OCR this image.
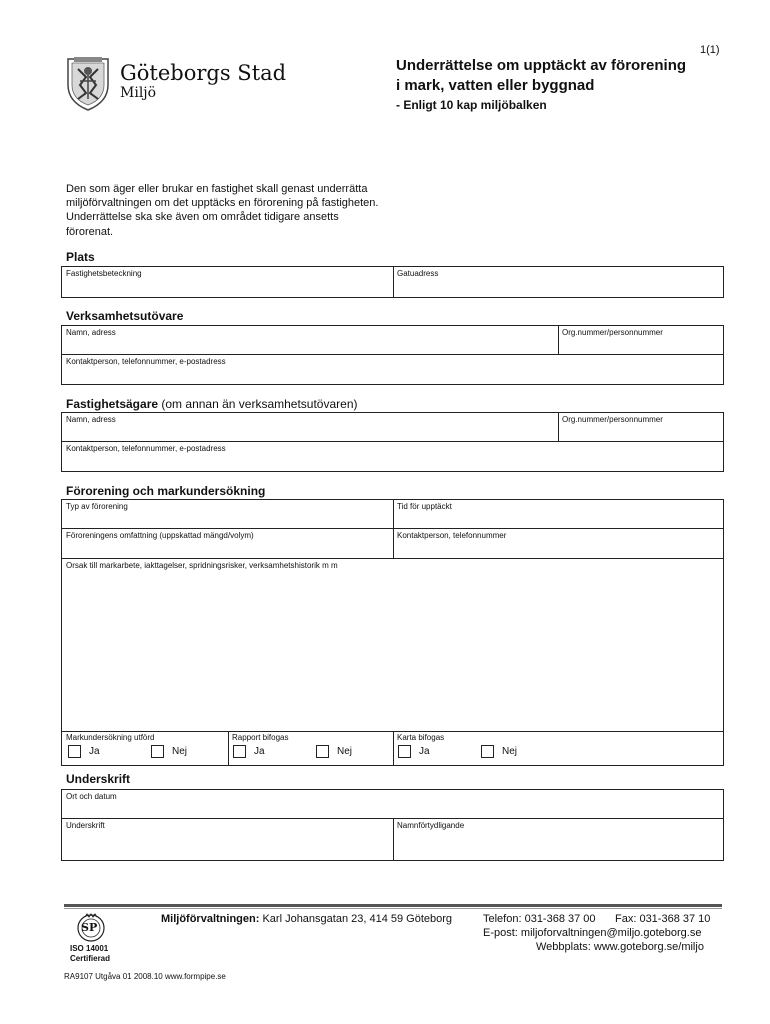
1(1)
Göteborgs Stad
Miljö
Underrättelse om upptäckt av förorening
i mark, vatten eller byggnad
- Enligt 10 kap miljöbalken
Den som äger eller brukar en fastighet skall genast underrätta miljöförvaltningen om det upptäcks en förorening på fastigheten. Underrättelse ska ske även om området tidigare ansetts förorenat.
Plats
Fastighetsbeteckning	Gatuadress
Verksamhetsutövare
Namn, adress	Org.nummer/personnummer
Kontaktperson, telefonnummer, e-postadress
Fastighetsägare (om annan än verksamhetsutövaren)
Namn, adress	Org.nummer/personnummer
Kontaktperson, telefonnummer, e-postadress
Förorening och markundersökning
Typ av förorening	Tid för upptäckt
Föroreningens omfattning (uppskattad mängd/volym)	Kontaktperson, telefonnummer
Orsak till markarbete, iakttagelser, spridningsrisker, verksamhetshistorik m m
Markundersökning utförd	Rapport bifogas	Karta bifogas
Ja	Nej	Ja	Nej	Ja	Nej
Underskrift
Ort och datum
Underskrift	Namnförtydligande
SP
ISO 14001
Certifierad
Miljöförvaltningen: Karl Johansgatan 23, 414 59 Göteborg	Telefon: 031-368 37 00 Fax: 031-368 37 10
E-post: miljoforvaltningen@miljo.goteborg.se
Webbplats: www.goteborg.se/miljo
RA9107 Utgåva 01 2008.10 www.formpipe.se
